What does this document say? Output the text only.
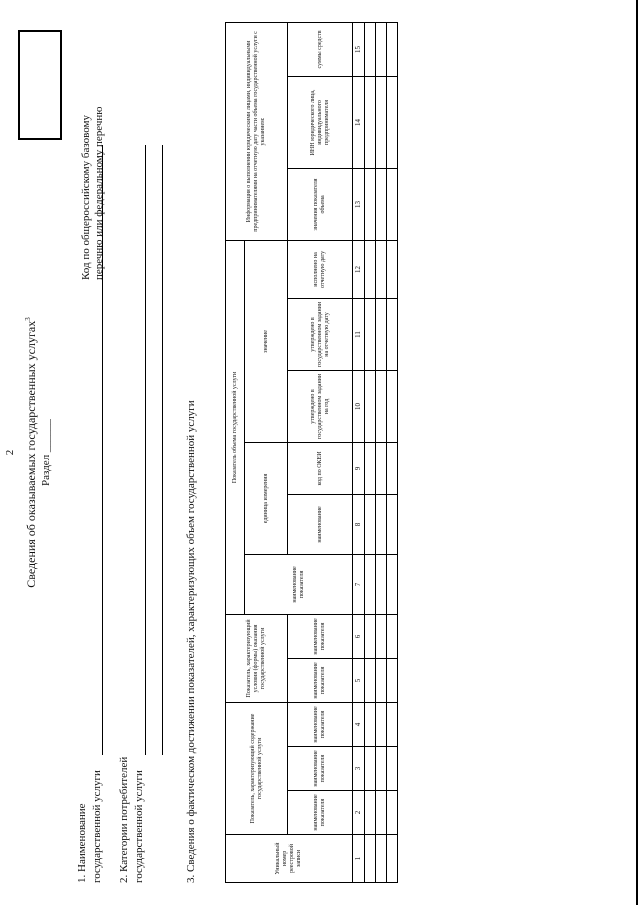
2 Сведения об оказываемых государственных услугах$^3$
Раздел ______
1. Наименование государственной услуги 2. Категории потребителей государственной услуги
Код по общероссийскому базовому перечню или федеральному перечню
3. Сведения о фактическом достижении показателей, характеризующих объем государственной услуги	Уникальный номер реестровой записи	Показатель, характеризующий содержание государственной услуги			Показатель, характеризующий условия (формы) оказания государственной услуги		Показатель объема государственной услуги						Информация о выполнении юридическими лицами, индивидуальными предпринимателями на отчетную дату части объема государственной услуги с указанием:		
						наименование показателя	единица измерения		значение					
	наименование показателя	наименование показателя	наименование показателя	наименование показателя	наименование показателя		наименование	код по ОКЕИ	утверждено в государственном задании на год	утверждено в государственном задании на отчетную дату	исполнено на отчетную дату	значения показателя объема	ИНН юридического лица, индивидуального предпринимателя	суммы средств
1	2	3	4	5	6	7	8	9	10	11	12	13	14	15
